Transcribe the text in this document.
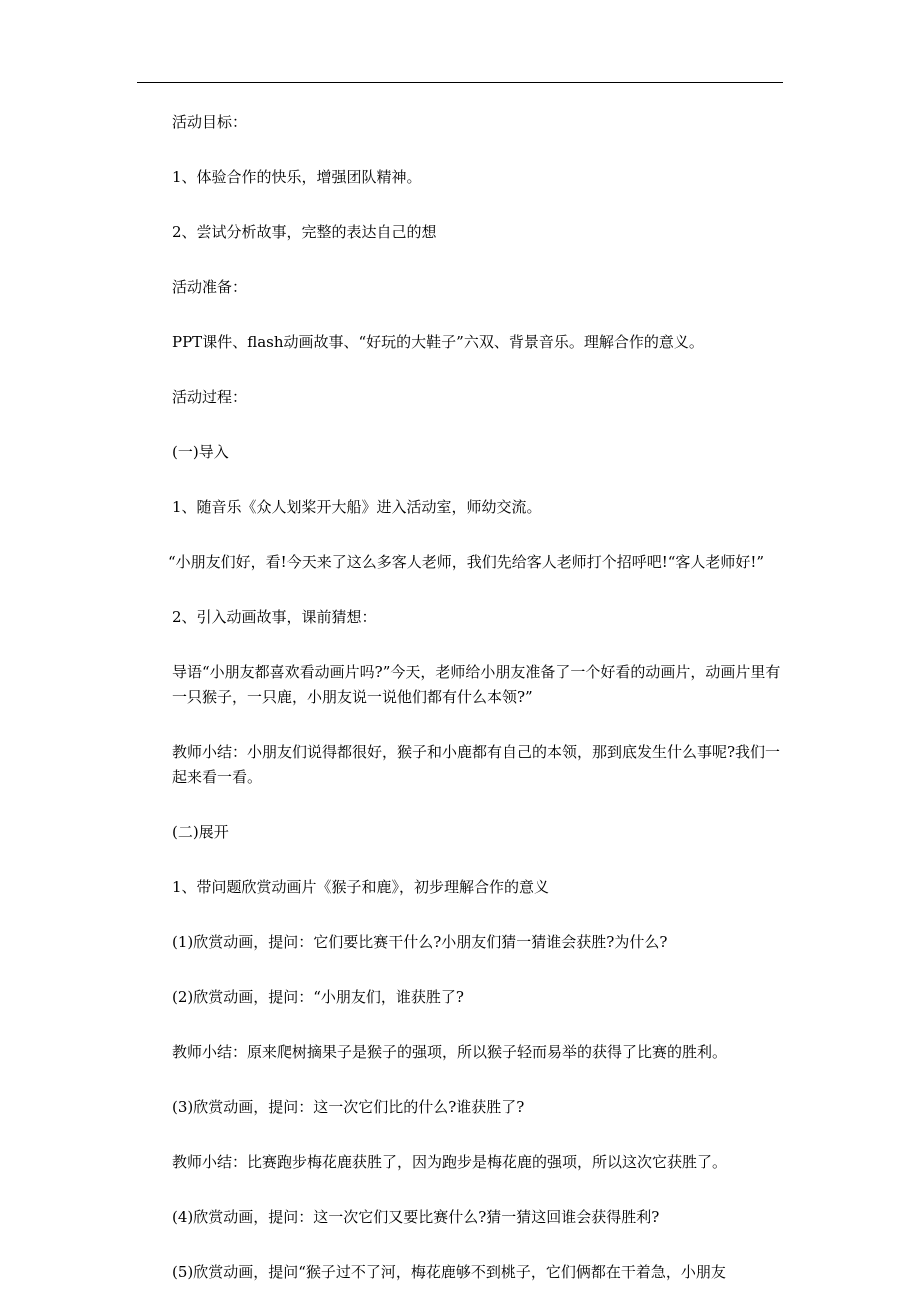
活动目标：

1、体验合作的快乐，增强团队精神。

2、尝试分析故事，完整的表达自己的想

活动准备：

PPT课件、flash动画故事、“好玩的大鞋子”六双、背景音乐。理解合作的意义。

活动过程：

(一)导入

1、随音乐《众人划桨开大船》进入活动室，师幼交流。

“小朋友们好，看!今天来了这么多客人老师，我们先给客人老师打个招呼吧!“客人老师好!”

2、引入动画故事，课前猜想：

导语“小朋友都喜欢看动画片吗?”今天，老师给小朋友准备了一个好看的动画片，动画片里有一只猴子，一只鹿，小朋友说一说他们都有什么本领?”

教师小结：小朋友们说得都很好，猴子和小鹿都有自己的本领，那到底发生什么事呢?我们一起来看一看。

(二)展开

1、带问题欣赏动画片《猴子和鹿》，初步理解合作的意义

(1)欣赏动画，提问：它们要比赛干什么?小朋友们猜一猜谁会获胜?为什么?

(2)欣赏动画，提问：“小朋友们，谁获胜了?

教师小结：原来爬树摘果子是猴子的强项，所以猴子轻而易举的获得了比赛的胜利。

(3)欣赏动画，提问：这一次它们比的什么?谁获胜了?

教师小结：比赛跑步梅花鹿获胜了，因为跑步是梅花鹿的强项，所以这次它获胜了。

(4)欣赏动画，提问：这一次它们又要比赛什么?猜一猜这回谁会获得胜利?

(5)欣赏动画，提问“猴子过不了河，梅花鹿够不到桃子，它们俩都在干着急，小朋友
